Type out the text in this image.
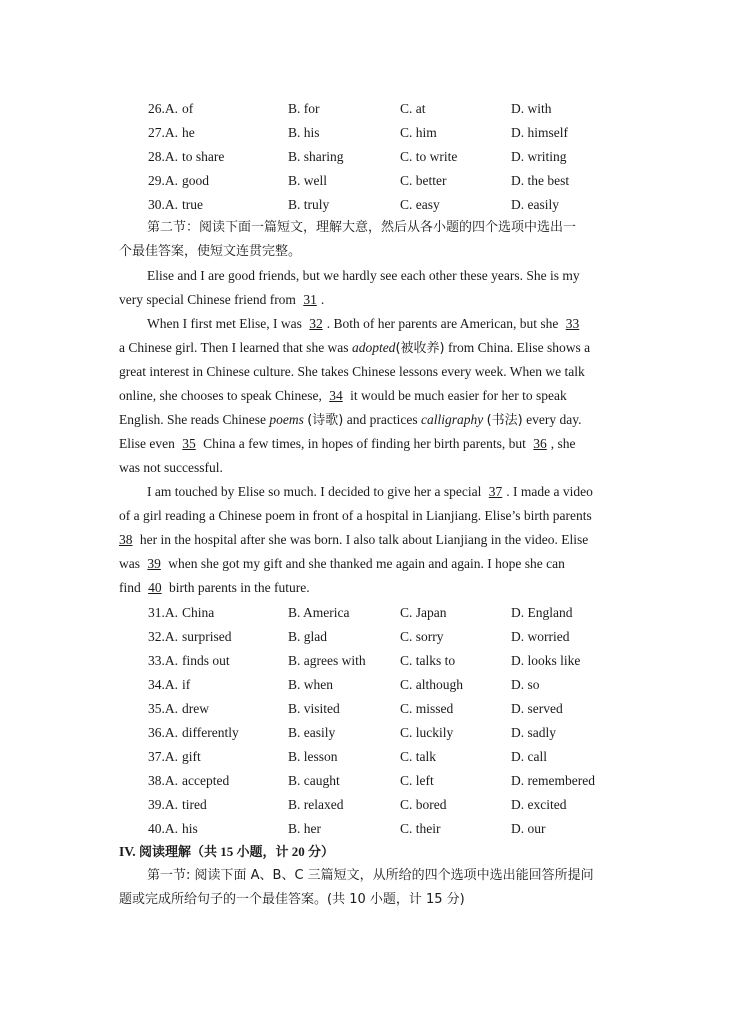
26.A. of	B. for	C. at	D. with
27.A. he	B. his	C. him	D. himself
28.A. to share	B. sharing	C. to write	D. writing
29.A. good	B. well	C. better	D. the best
30.A. true	B. truly	C. easy	D. easily
第二节：阅读下面一篇短文，理解大意，然后从各小题的四个选项中选出一
个最佳答案，使短文连贯完整。
Elise and I are good friends, but we hardly see each other these years. She is my
very special Chinese friend from 31 .
When I first met Elise, I was 32 . Both of her parents are American, but she 33
a Chinese girl. Then I learned that she was adopted(被收养) from China. Elise shows a
great interest in Chinese culture. She takes Chinese lessons every week. When we talk
online, she chooses to speak Chinese, 34 it would be much easier for her to speak
English. She reads Chinese poems (诗歌) and practices calligraphy (书法) every day.
Elise even 35 China a few times, in hopes of finding her birth parents, but 36 , she
was not successful.
I am touched by Elise so much. I decided to give her a special 37 . I made a video
of a girl reading a Chinese poem in front of a hospital in Lianjiang. Elise’s birth parents
38 her in the hospital after she was born. I also talk about Lianjiang in the video. Elise
was 39 when she got my gift and she thanked me again and again. I hope she can
find 40 birth parents in the future.
31.A. China	B. America	C. Japan	D. England
32.A. surprised	B. glad	C. sorry	D. worried
33.A. finds out	B. agrees with	C. talks to	D. looks like
34.A. if	B. when	C. although	D. so
35.A. drew	B. visited	C. missed	D. served
36.A. differently	B. easily	C. luckily	D. sadly
37.A. gift	B. lesson	C. talk	D. call
38.A. accepted	B. caught	C. left	D. remembered
39.A. tired	B. relaxed	C. bored	D. excited
40.A. his	B. her	C. their	D. our
IV. 阅读理解（共 15 小题，计 20 分）
第一节: 阅读下面 A、B、C 三篇短文，从所给的四个选项中选出能回答所提问
题或完成所给句子的一个最佳答案。(共 10 小题，计 15 分)
